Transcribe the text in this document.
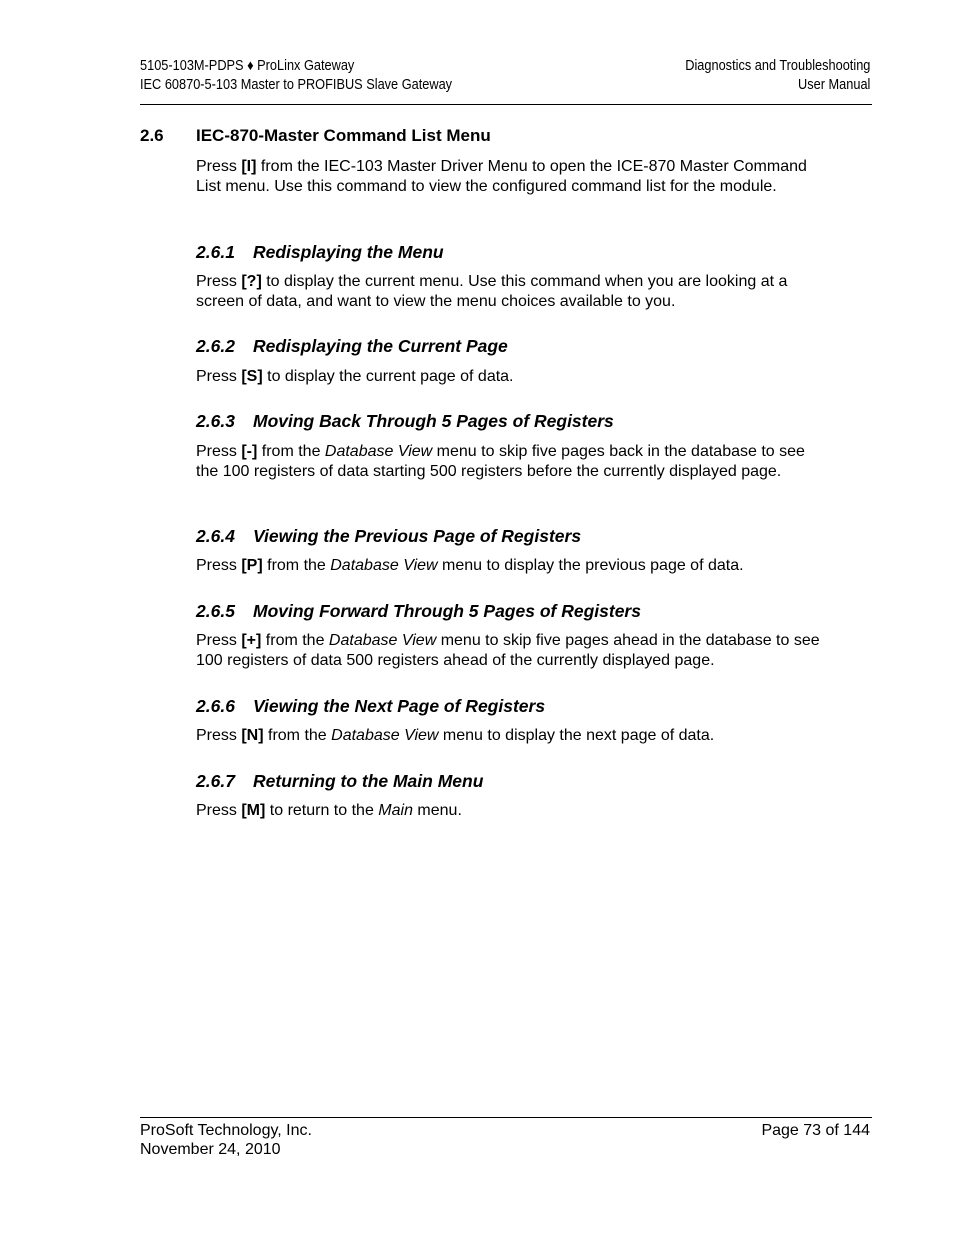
5105-103M-PDPS ♦ ProLinx Gateway
IEC 60870-5-103 Master to PROFIBUS Slave Gateway
Diagnostics and Troubleshooting
User Manual
2.6 IEC-870-Master Command List Menu

Press [I] from the IEC-103 Master Driver Menu to open the ICE-870 Master Command List menu. Use this command to view the configured command list for the module.

2.6.1 Redisplaying the Menu

Press [?] to display the current menu. Use this command when you are looking at a screen of data, and want to view the menu choices available to you.

2.6.2 Redisplaying the Current Page

Press [S] to display the current page of data.

2.6.3 Moving Back Through 5 Pages of Registers

Press [-] from the Database View menu to skip five pages back in the database to see the 100 registers of data starting 500 registers before the currently displayed page.

2.6.4 Viewing the Previous Page of Registers

Press [P] from the Database View menu to display the previous page of data.

2.6.5 Moving Forward Through 5 Pages of Registers

Press [+] from the Database View menu to skip five pages ahead in the database to see 100 registers of data 500 registers ahead of the currently displayed page.

2.6.6 Viewing the Next Page of Registers

Press [N] from the Database View menu to display the next page of data.

2.6.7 Returning to the Main Menu

Press [M] to return to the Main menu.

ProSoft Technology, Inc.
November 24, 2010
Page 73 of 144
